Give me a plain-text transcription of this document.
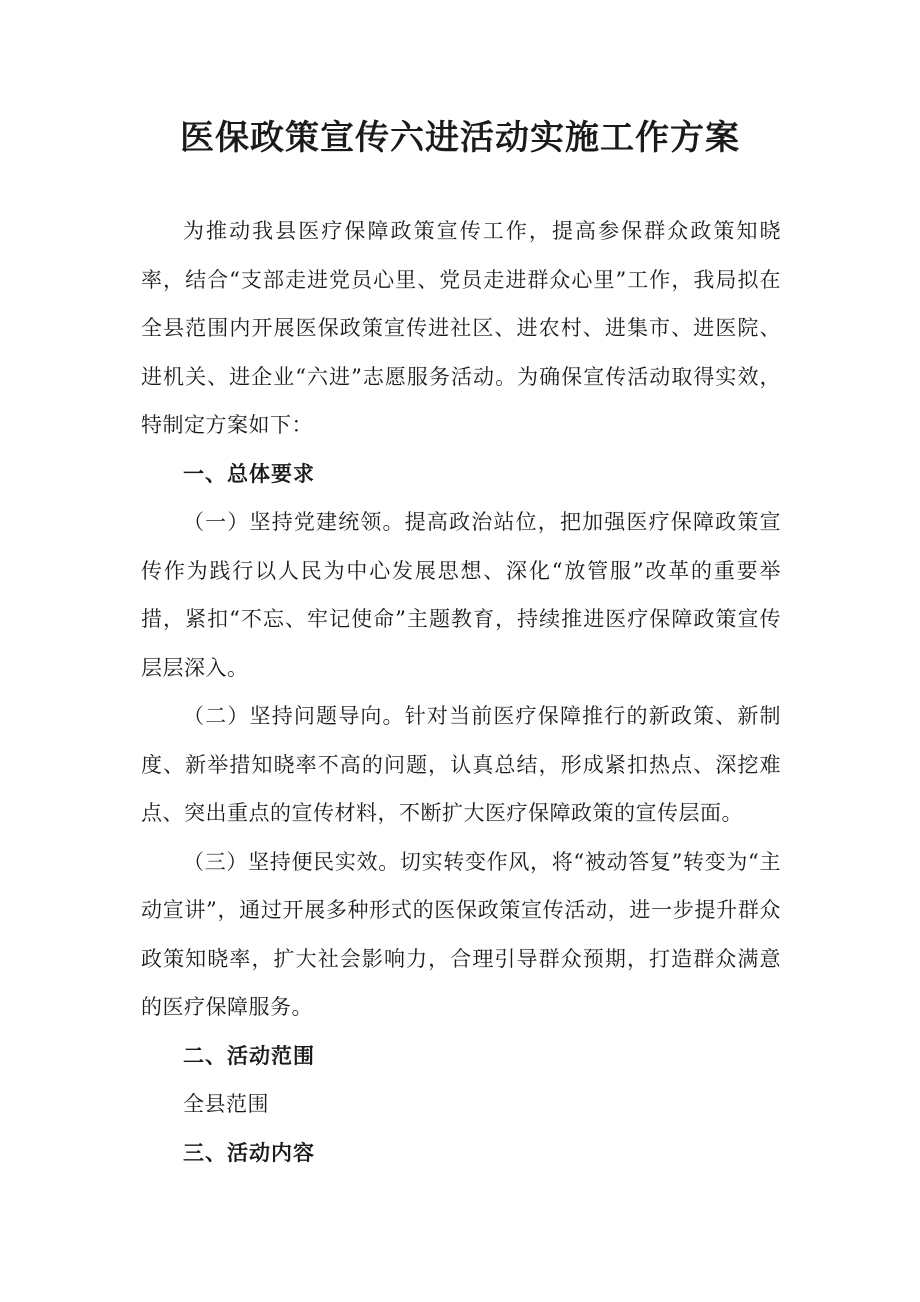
医保政策宣传六进活动实施工作方案

为推动我县医疗保障政策宣传工作，提高参保群众政策知晓率，结合“支部走进党员心里、党员走进群众心里”工作，我局拟在全县范围内开展医保政策宣传进社区、进农村、进集市、进医院、进机关、进企业“六进”志愿服务活动。为确保宣传活动取得实效，特制定方案如下：

一、总体要求

（一）坚持党建统领。提高政治站位，把加强医疗保障政策宣传作为践行以人民为中心发展思想、深化“放管服”改革的重要举措，紧扣“不忘、牢记使命”主题教育，持续推进医疗保障政策宣传层层深入。

（二）坚持问题导向。针对当前医疗保障推行的新政策、新制度、新举措知晓率不高的问题，认真总结，形成紧扣热点、深挖难点、突出重点的宣传材料，不断扩大医疗保障政策的宣传层面。

（三）坚持便民实效。切实转变作风，将“被动答复”转变为“主动宣讲”，通过开展多种形式的医保政策宣传活动，进一步提升群众政策知晓率，扩大社会影响力，合理引导群众预期，打造群众满意的医疗保障服务。

二、活动范围

全县范围

三、活动内容
